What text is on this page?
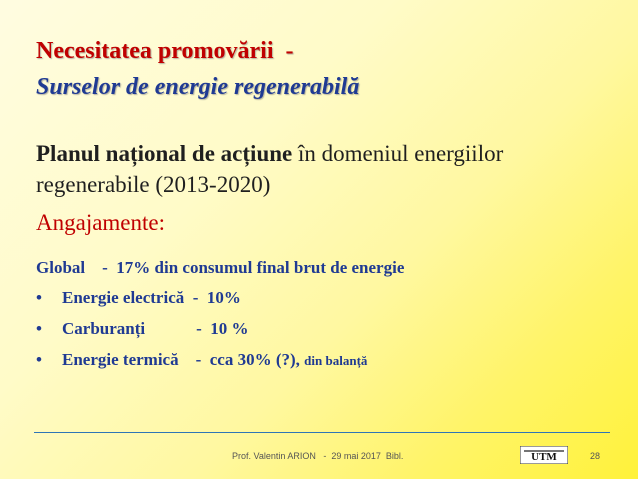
Necesitatea promovării  -
Surselor de energie regenerabilă
Planul național de acțiune în domeniul energiilor regenerabile (2013-2020)
Angajamente:
Global    -  17% din consumul final brut de energie
• Energie electrică  -  10%
• Carburanți            -  10 %
• Energie termică    -  cca 30% (?), din balanță
Prof. Valentin ARION   -  29 mai 2017  Bibl.	UTM	28
